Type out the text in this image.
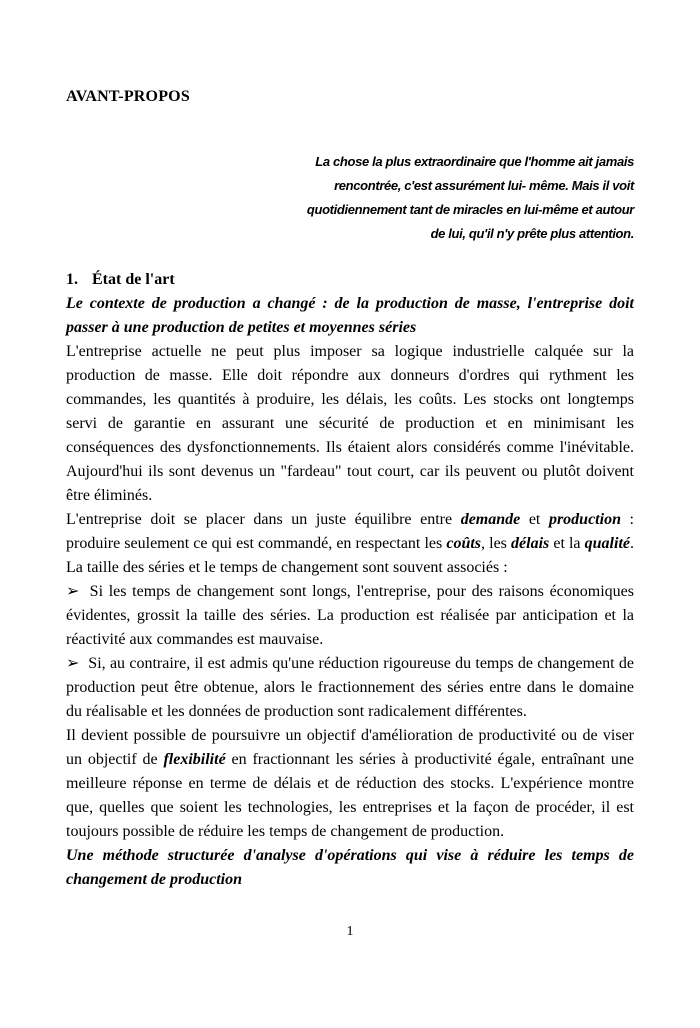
AVANT-PROPOS
La chose la plus extraordinaire que l'homme ait jamais
rencontrée, c'est assurément lui- même. Mais il voit
quotidiennement tant de miracles en lui-même et autour
de lui, qu'il n'y prête plus attention.

1. État de l'art

Le contexte de production a changé : de la production de masse, l'entreprise doit passer à une production de petites et moyennes séries

L'entreprise actuelle ne peut plus imposer sa logique industrielle calquée sur la production de masse. Elle doit répondre aux donneurs d'ordres qui rythment les commandes, les quantités à produire, les délais, les coûts. Les stocks ont longtemps servi de garantie en assurant une sécurité de production et en minimisant les conséquences des dysfonctionnements. Ils étaient alors considérés comme l'inévitable. Aujourd'hui ils sont devenus un "fardeau" tout court, car ils peuvent ou plutôt doivent être éliminés.

L'entreprise doit se placer dans un juste équilibre entre demande et production : produire seulement ce qui est commandé, en respectant les coûts, les délais et la qualité. La taille des séries et le temps de changement sont souvent associés :

➢ Si les temps de changement sont longs, l'entreprise, pour des raisons économiques évidentes, grossit la taille des séries. La production est réalisée par anticipation et la réactivité aux commandes est mauvaise.

➢ Si, au contraire, il est admis qu'une réduction rigoureuse du temps de changement de production peut être obtenue, alors le fractionnement des séries entre dans le domaine du réalisable et les données de production sont radicalement différentes.

Il devient possible de poursuivre un objectif d'amélioration de productivité ou de viser un objectif de flexibilité en fractionnant les séries à productivité égale, entraînant une meilleure réponse en terme de délais et de réduction des stocks. L'expérience montre que, quelles que soient les technologies, les entreprises et la façon de procéder, il est toujours possible de réduire les temps de changement de production.

Une méthode structurée d'analyse d'opérations qui vise à réduire les temps de changement de production

1
